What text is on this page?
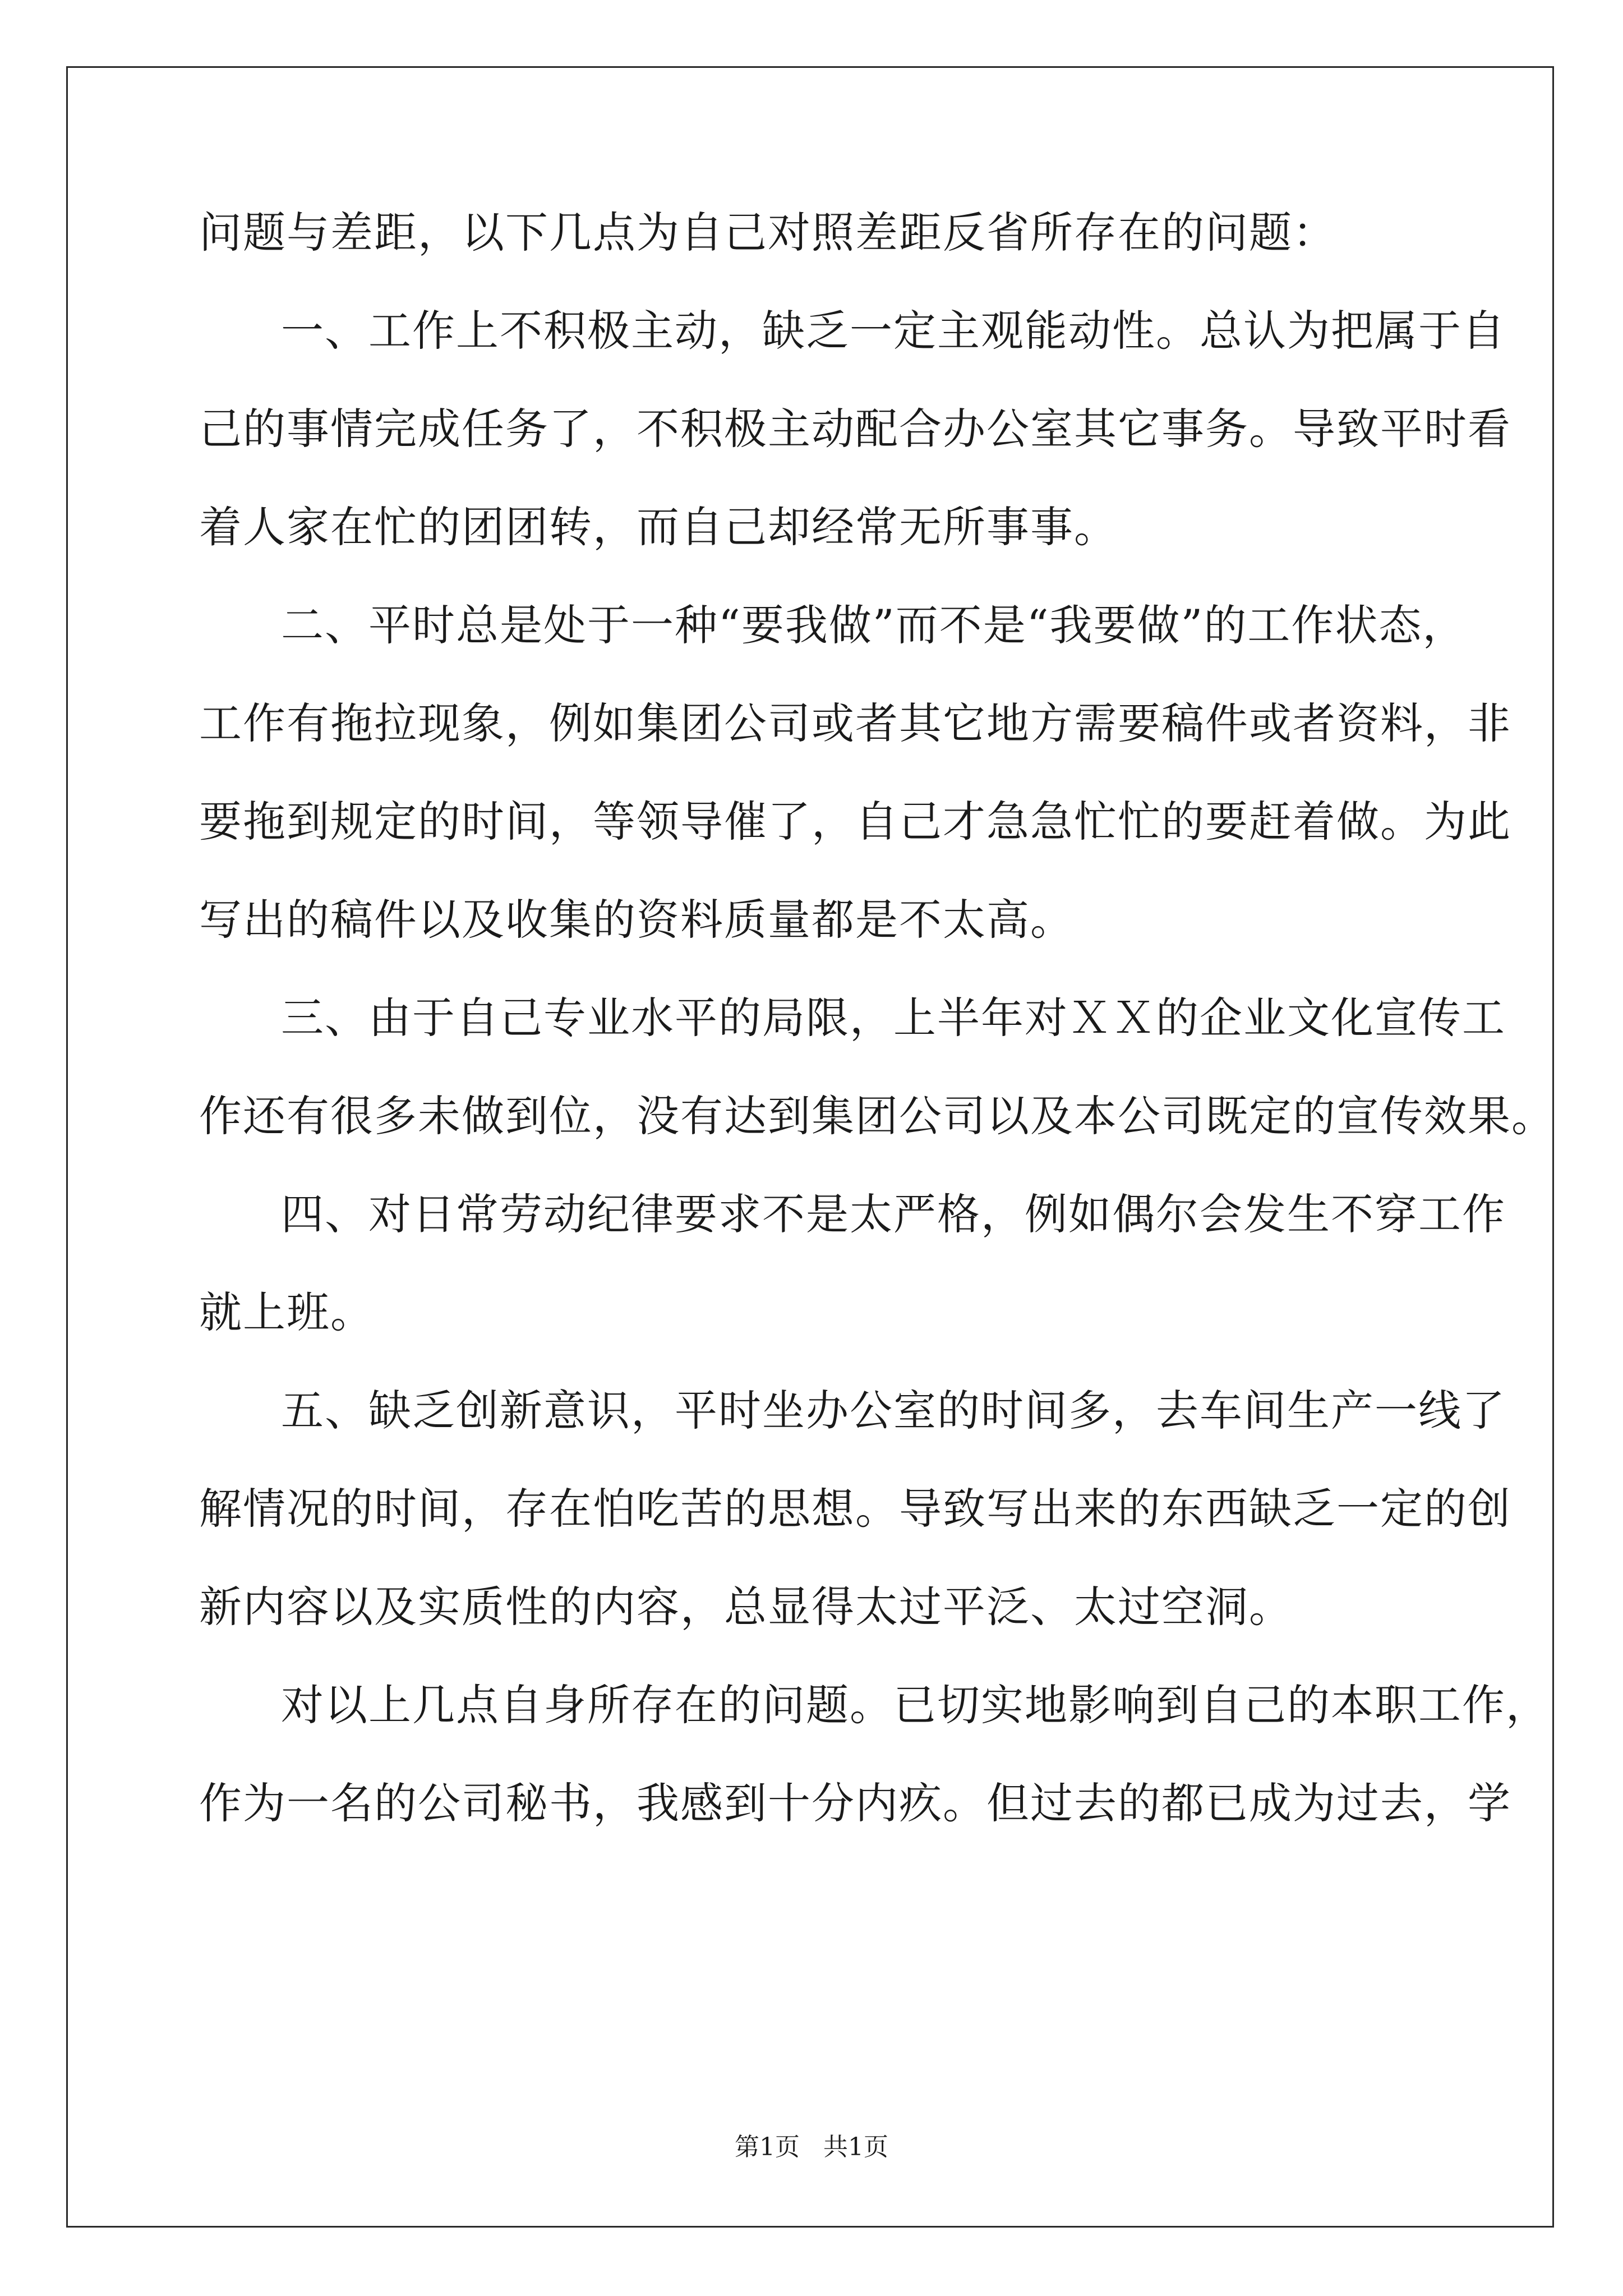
问题与差距，以下几点为自己对照差距反省所存在的问题：
一、工作上不积极主动，缺乏一定主观能动性。总认为把属于自
己的事情完成任务了，不积极主动配合办公室其它事务。导致平时看
着人家在忙的团团转，而自己却经常无所事事。
二、平时总是处于一种“要我做”而不是“我要做”的工作状态，
工作有拖拉现象，例如集团公司或者其它地方需要稿件或者资料，非
要拖到规定的时间，等领导催了，自己才急急忙忙的要赶着做。为此
写出的稿件以及收集的资料质量都是不太高。
三、由于自己专业水平的局限，上半年对ＸＸ的企业文化宣传工
作还有很多未做到位，没有达到集团公司以及本公司既定的宣传效果。
四、对日常劳动纪律要求不是太严格，例如偶尔会发生不穿工作
就上班。
五、缺乏创新意识，平时坐办公室的时间多，去车间生产一线了
解情况的时间，存在怕吃苦的思想。导致写出来的东西缺乏一定的创
新内容以及实质性的内容，总显得太过平泛、太过空洞。
对以上几点自身所存在的问题。已切实地影响到自己的本职工作，
作为一名的公司秘书，我感到十分内疚。但过去的都已成为过去，学
第1页   共1页
